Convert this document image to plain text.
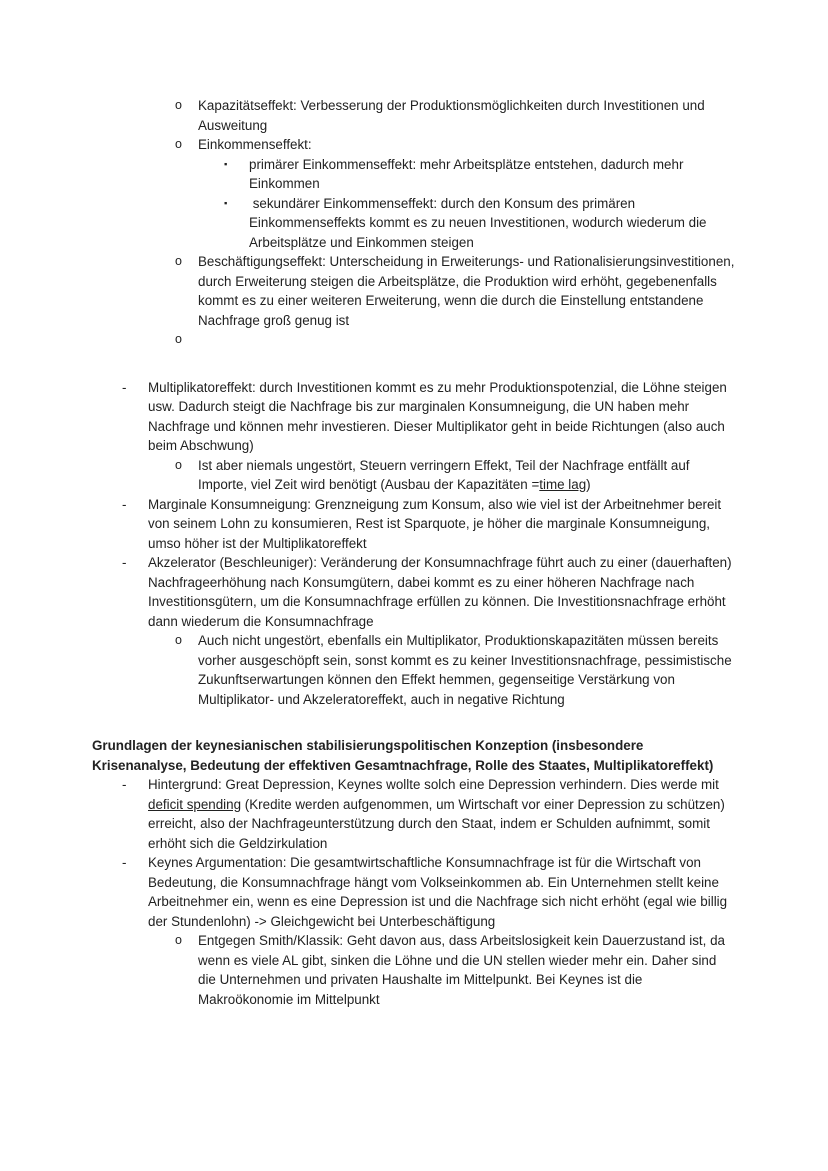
o	Kapazitätseffekt: Verbesserung der Produktionsmöglichkeiten durch Investitionen und Ausweitung
o	Einkommenseffekt:
▪	primärer Einkommenseffekt: mehr Arbeitsplätze entstehen, dadurch mehr Einkommen
▪	sekundärer Einkommenseffekt: durch den Konsum des primären Einkommenseffekts kommt es zu neuen Investitionen, wodurch wiederum die Arbeitsplätze und Einkommen steigen
o	Beschäftigungseffekt: Unterscheidung in Erweiterungs- und Rationalisierungsinvestitionen, durch Erweiterung steigen die Arbeitsplätze, die Produktion wird erhöht, gegebenenfalls kommt es zu einer weiteren Erweiterung, wenn die durch die Einstellung entstandene Nachfrage groß genug ist
o
-	Multiplikatoreffekt: durch Investitionen kommt es zu mehr Produktionspotenzial, die Löhne steigen usw. Dadurch steigt die Nachfrage bis zur marginalen Konsumneigung, die UN haben mehr Nachfrage und können mehr investieren. Dieser Multiplikator geht in beide Richtungen (also auch beim Abschwung)
o	Ist aber niemals ungestört, Steuern verringern Effekt, Teil der Nachfrage entfällt auf Importe, viel Zeit wird benötigt (Ausbau der Kapazitäten =time lag)
-	Marginale Konsumneigung: Grenzneigung zum Konsum, also wie viel ist der Arbeitnehmer bereit von seinem Lohn zu konsumieren, Rest ist Sparquote, je höher die marginale Konsumneigung, umso höher ist der Multiplikatoreffekt
-	Akzelerator (Beschleuniger): Veränderung der Konsumnachfrage führt auch zu einer (dauerhaften) Nachfrageerhöhung nach Konsumgütern, dabei kommt es zu einer höheren Nachfrage nach Investitionsgütern, um die Konsumnachfrage erfüllen zu können. Die Investitionsnachfrage erhöht dann wiederum die Konsumnachfrage
o	Auch nicht ungestört, ebenfalls ein Multiplikator, Produktionskapazitäten müssen bereits vorher ausgeschöpft sein, sonst kommt es zu keiner Investitionsnachfrage, pessimistische Zukunftserwartungen können den Effekt hemmen, gegenseitige Verstärkung von Multiplikator- und Akzeleratoreffekt, auch in negative Richtung
Grundlagen der keynesianischen stabilisierungspolitischen Konzeption (insbesondere Krisenanalyse, Bedeutung der effektiven Gesamtnachfrage, Rolle des Staates, Multiplikatoreffekt)
-	Hintergrund: Great Depression, Keynes wollte solch eine Depression verhindern. Dies werde mit deficit spending (Kredite werden aufgenommen, um Wirtschaft vor einer Depression zu schützen) erreicht, also der Nachfrageunterstützung durch den Staat, indem er Schulden aufnimmt, somit erhöht sich die Geldzirkulation
-	Keynes Argumentation: Die gesamtwirtschaftliche Konsumnachfrage ist für die Wirtschaft von Bedeutung, die Konsumnachfrage hängt vom Volkseinkommen ab. Ein Unternehmen stellt keine Arbeitnehmer ein, wenn es eine Depression ist und die Nachfrage sich nicht erhöht (egal wie billig der Stundenlohn) -> Gleichgewicht bei Unterbeschäftigung
o	Entgegen Smith/Klassik: Geht davon aus, dass Arbeitslosigkeit kein Dauerzustand ist, da wenn es viele AL gibt, sinken die Löhne und die UN stellen wieder mehr ein. Daher sind die Unternehmen und privaten Haushalte im Mittelpunkt. Bei Keynes ist die Makroökonomie im Mittelpunkt
